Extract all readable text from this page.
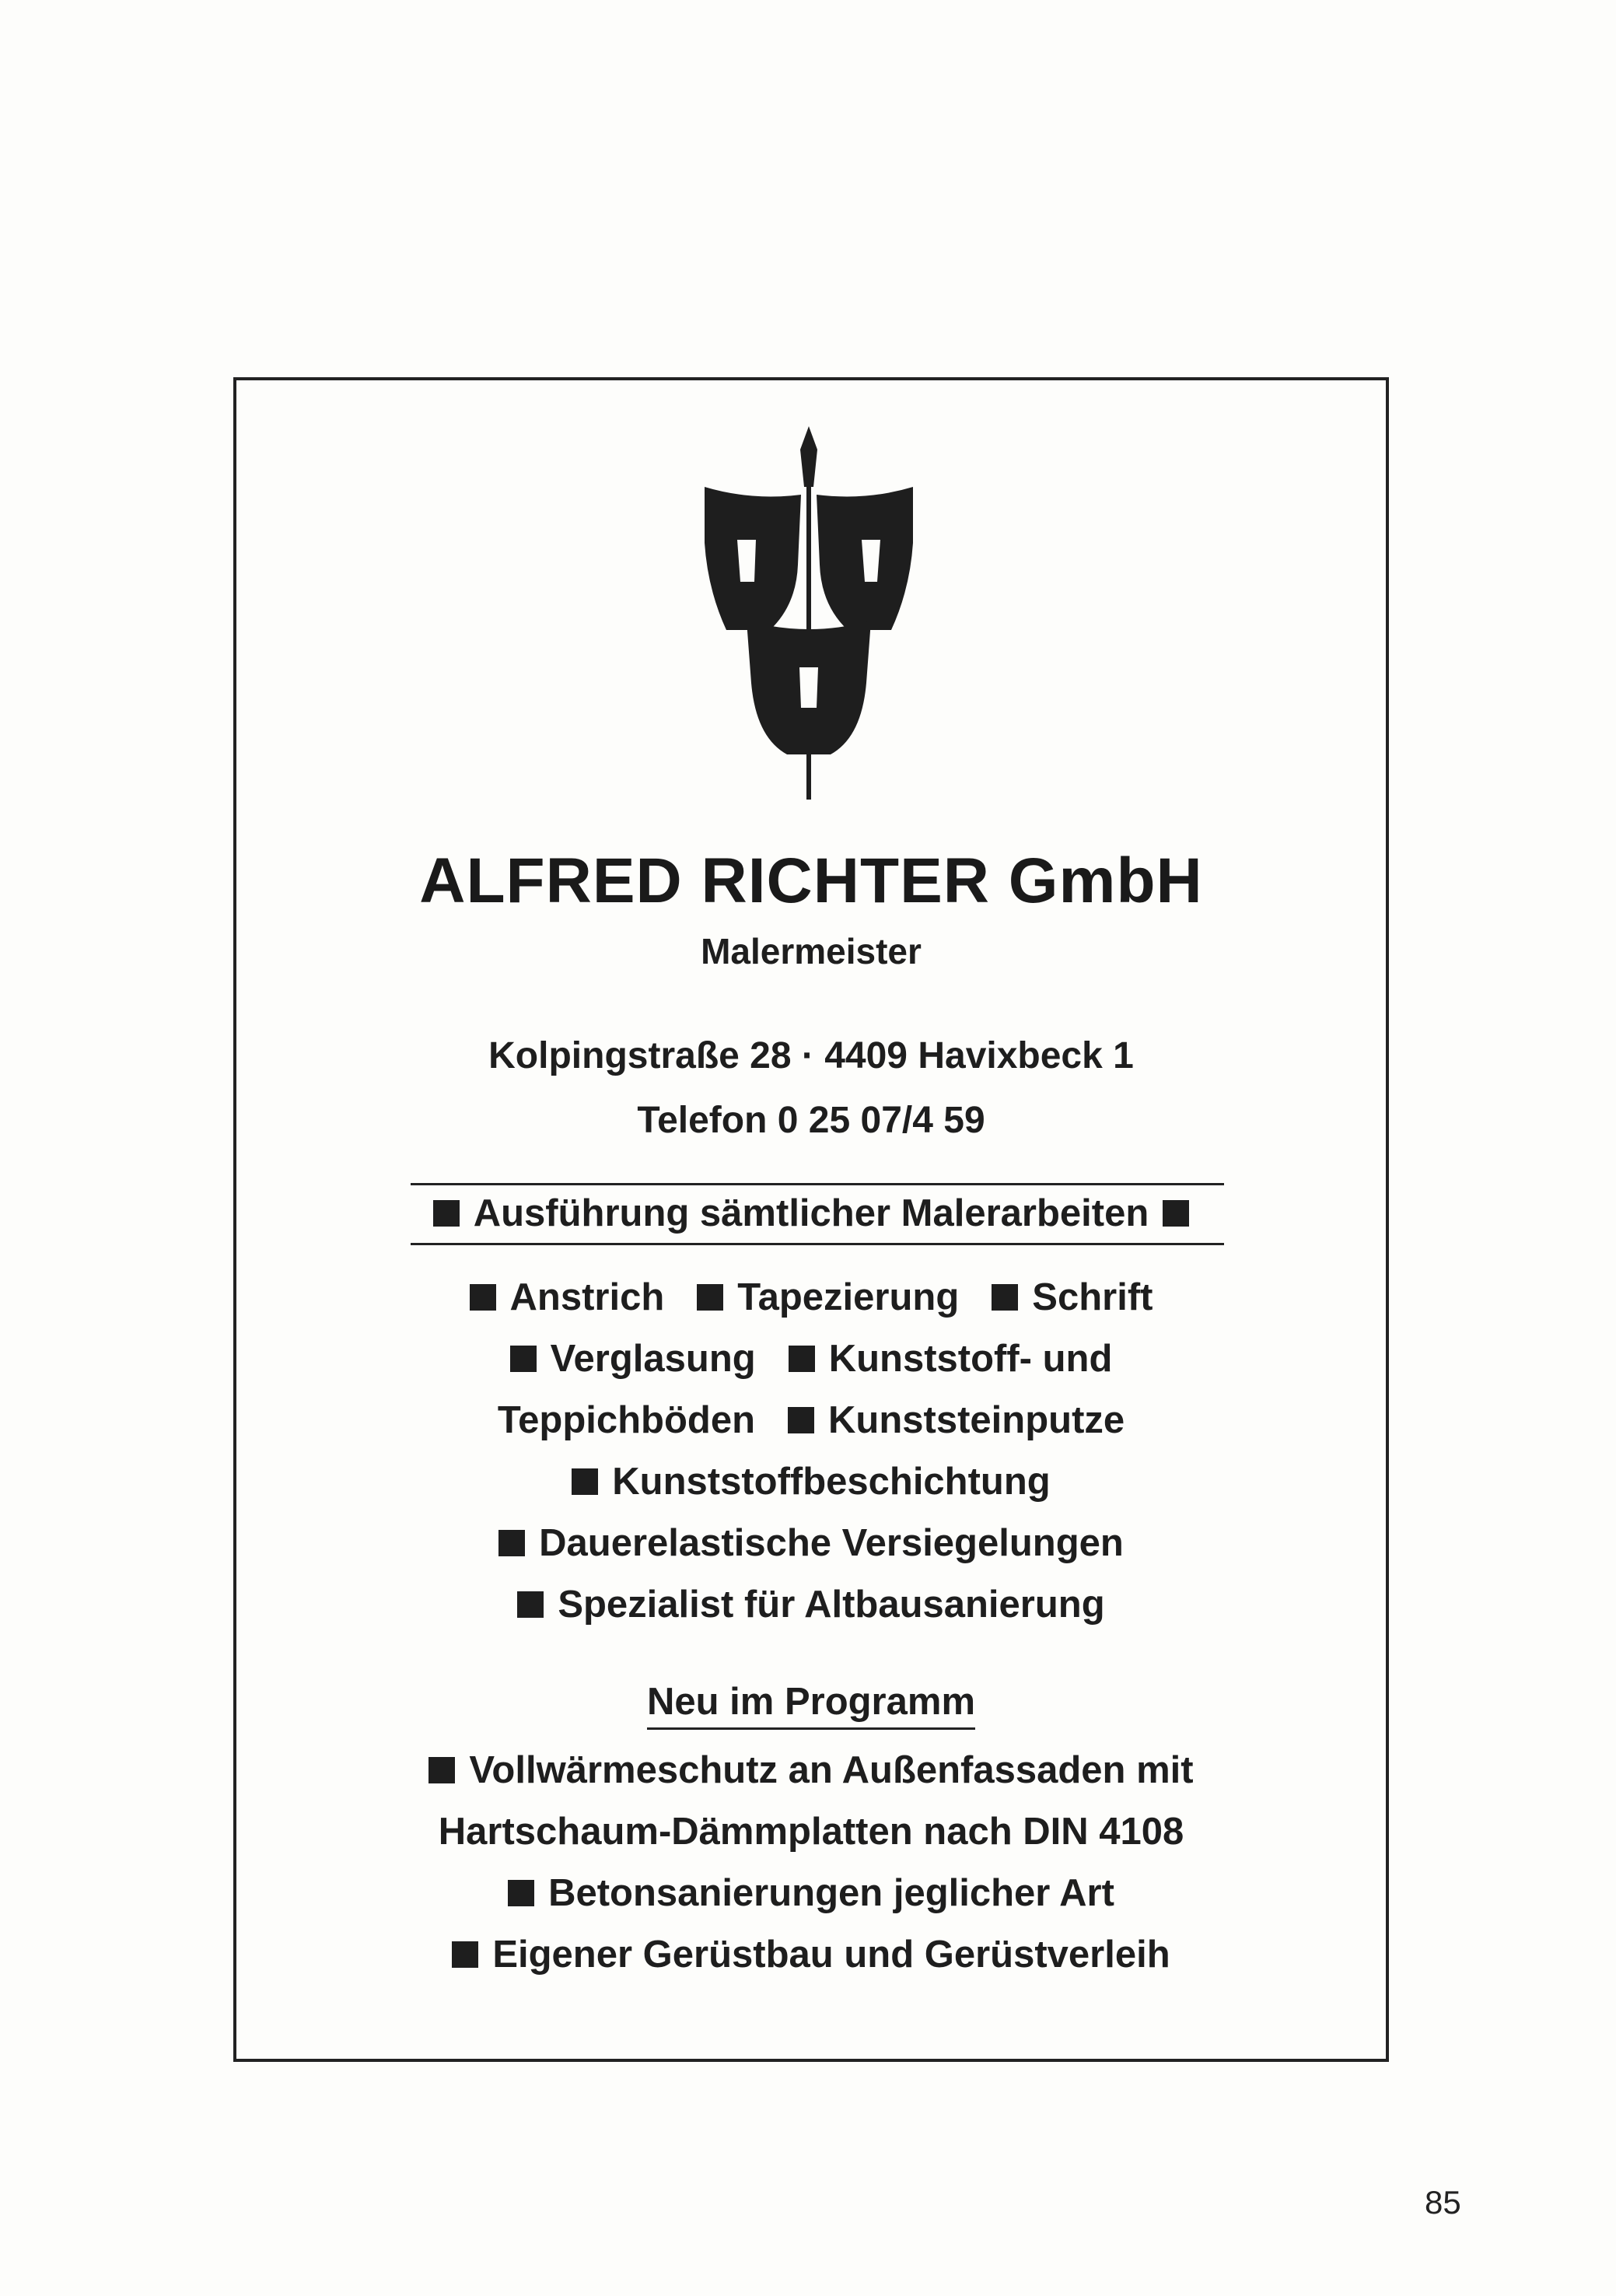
ALFRED RICHTER GmbH
Malermeister
Kolpingstraße 28 · 4409 Havixbeck 1
Telefon 0 25 07/4 59
Ausführung sämtlicher Malerarbeiten
Anstrich Tapezierung Schrift
Verglasung Kunststoff- und
Teppichböden Kunststeinputze
Kunststoffbeschichtung
Dauerelastische Versiegelungen
Spezialist für Altbausanierung
Neu im Programm
Vollwärmeschutz an Außenfassaden mit
Hartschaum-Dämmplatten nach DIN 4108
Betonsanierungen jeglicher Art
Eigener Gerüstbau und Gerüstverleih
85
